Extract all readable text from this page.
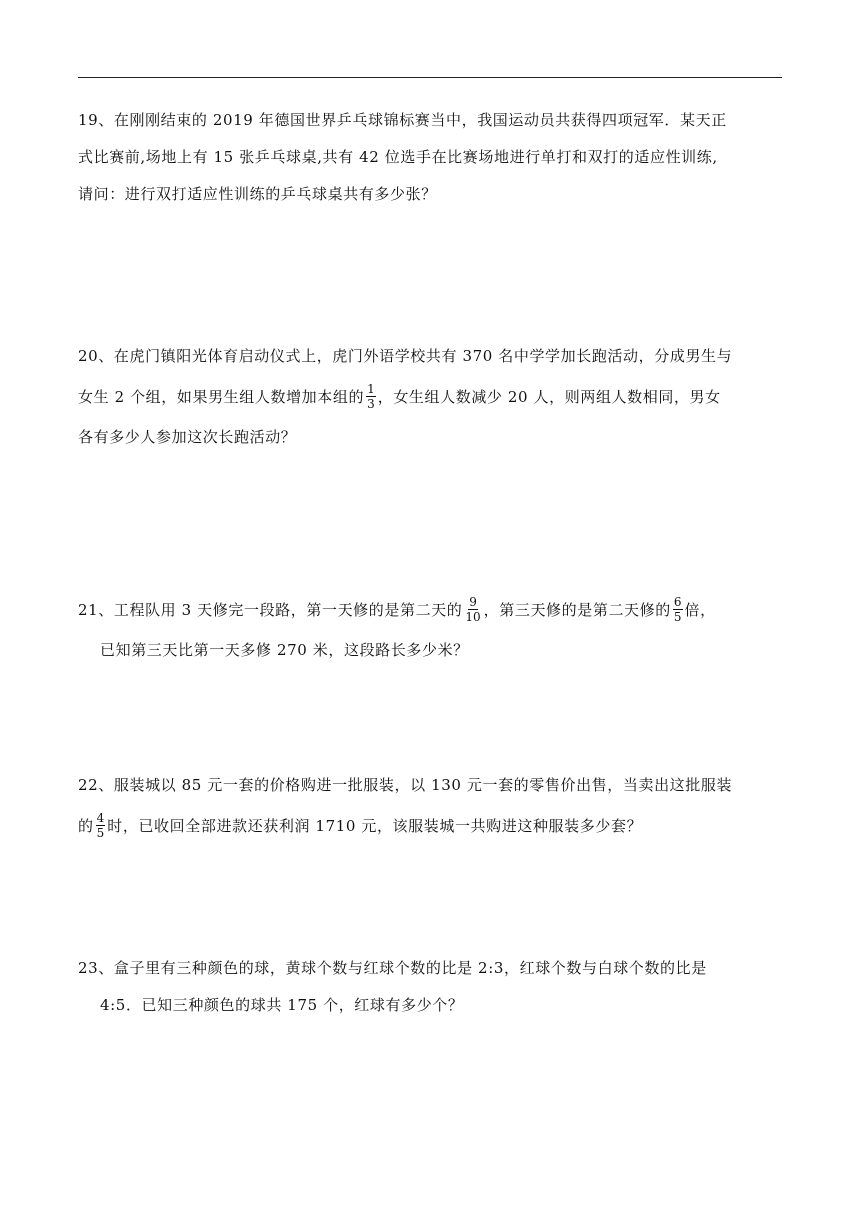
19、在刚刚结束的 2019 年德国世界乒乓球锦标赛当中，我国运动员共获得四项冠军．某天正
式比赛前,场地上有 15 张乒乓球桌,共有 42 位选手在比赛场地进行单打和双打的适应性训练,
请问：进行双打适应性训练的乒乓球桌共有多少张？
20、在虎门镇阳光体育启动仪式上，虎门外语学校共有 370 名中学学加长跑活动，分成男生与
女生 2 个组，如果男生组人数增加本组的 $\frac{1}{3}$ ，女生组人数减少 20 人，则两组人数相同，男女
各有多少人参加这次长跑活动？
21、工程队用 3 天修完一段路，第一天修的是第二天的 $\frac{9}{10}$ ，第三天修的是第二天修的 $\frac{6}{5}$ 倍，
已知第三天比第一天多修 270 米，这段路长多少米？
22、服装城以 85 元一套的价格购进一批服装，以 130 元一套的零售价出售，当卖出这批服装
的 $\frac{4}{5}$ 时，已收回全部进款还获利润 1710 元，该服装城一共购进这种服装多少套？
23、盒子里有三种颜色的球，黄球个数与红球个数的比是 2:3，红球个数与白球个数的比是
4:5．已知三种颜色的球共 175 个，红球有多少个？
